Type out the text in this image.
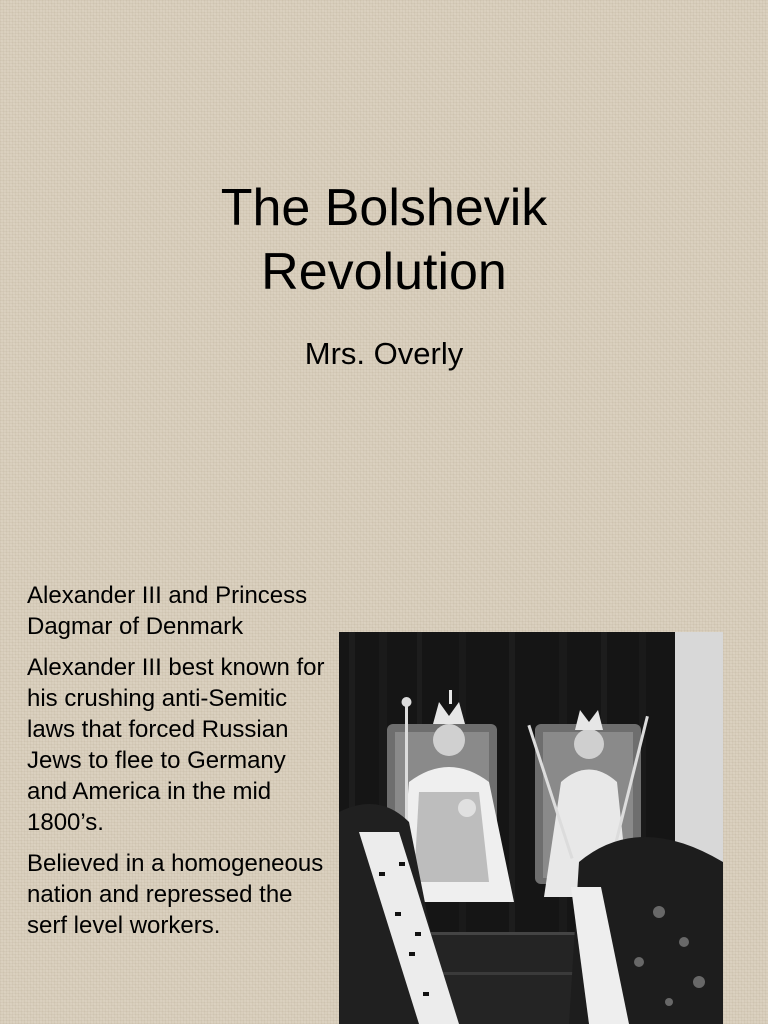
The Bolshevik
Revolution
Mrs. Overly

Alexander III and Princess Dagmar of Denmark

Alexander III best known for his crushing anti-Semitic laws that forced Russian Jews to flee to Germany and America in the mid 1800’s.

Believed in a homogeneous nation and repressed the serf level workers.
